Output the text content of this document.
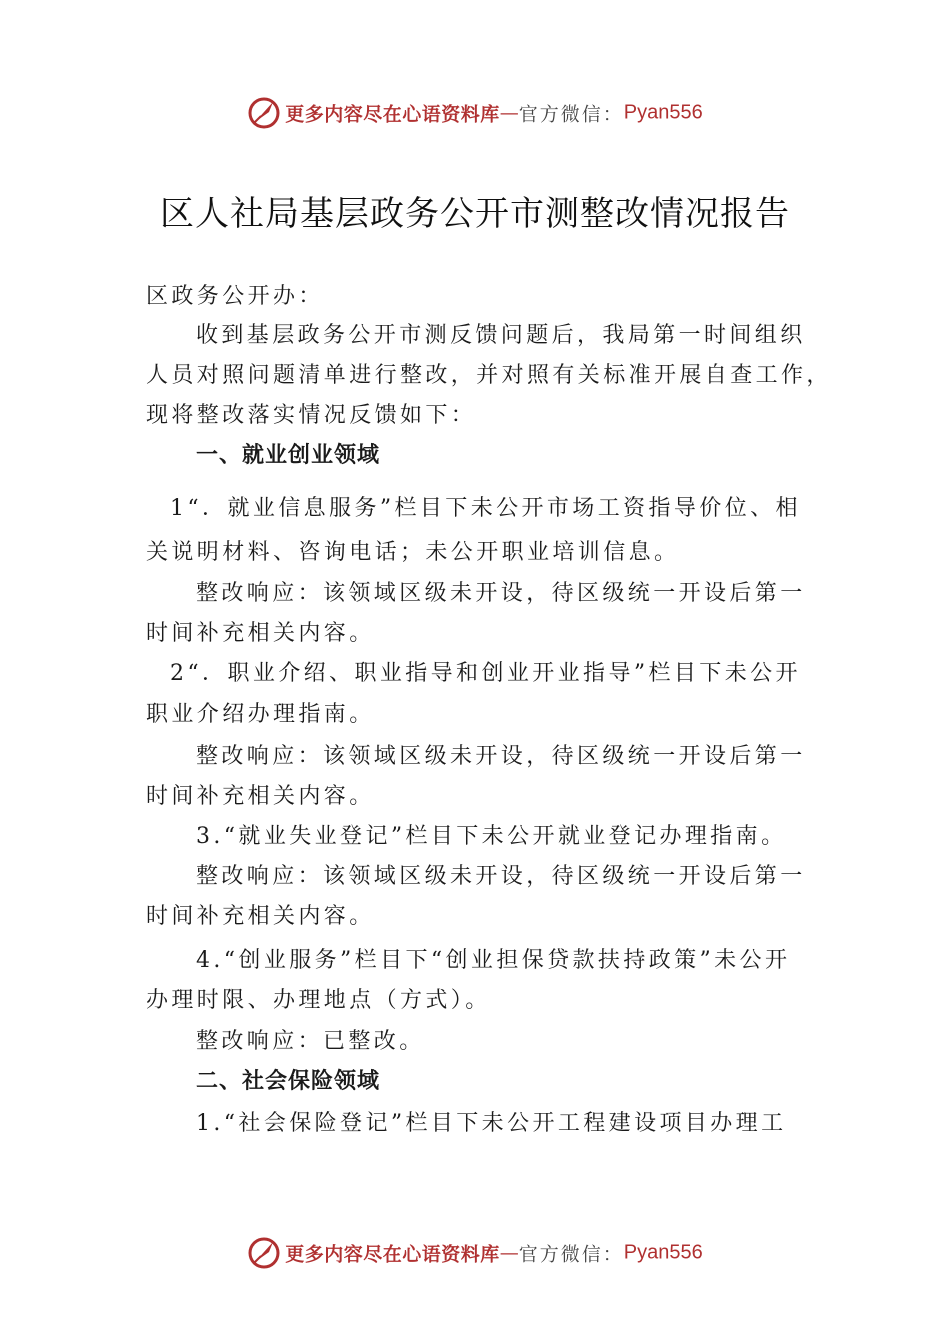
更多内容尽在心语资料库—官方微信：Pyan556
区人社局基层政务公开市测整改情况报告

区政务公开办：

收到基层政务公开市测反馈问题后，我局第一时间组织

人员对照问题清单进行整改，并对照有关标准开展自查工作，

现将整改落实情况反馈如下：

一、就业创业领域

1“．就业信息服务”栏目下未公开市场工资指导价位、相

关说明材料、咨询电话；未公开职业培训信息。

整改响应：该领域区级未开设，待区级统一开设后第一

时间补充相关内容。

2“．职业介绍、职业指导和创业开业指导”栏目下未公开

职业介绍办理指南。

整改响应：该领域区级未开设，待区级统一开设后第一

时间补充相关内容。

3.“就业失业登记”栏目下未公开就业登记办理指南。

整改响应：该领域区级未开设，待区级统一开设后第一

时间补充相关内容。

4.“创业服务”栏目下“创业担保贷款扶持政策”未公开

办理时限、办理地点（方式）。

整改响应：已整改。

二、社会保险领域

1.“社会保险登记”栏目下未公开工程建设项目办理工

更多内容尽在心语资料库—官方微信：Pyan556
